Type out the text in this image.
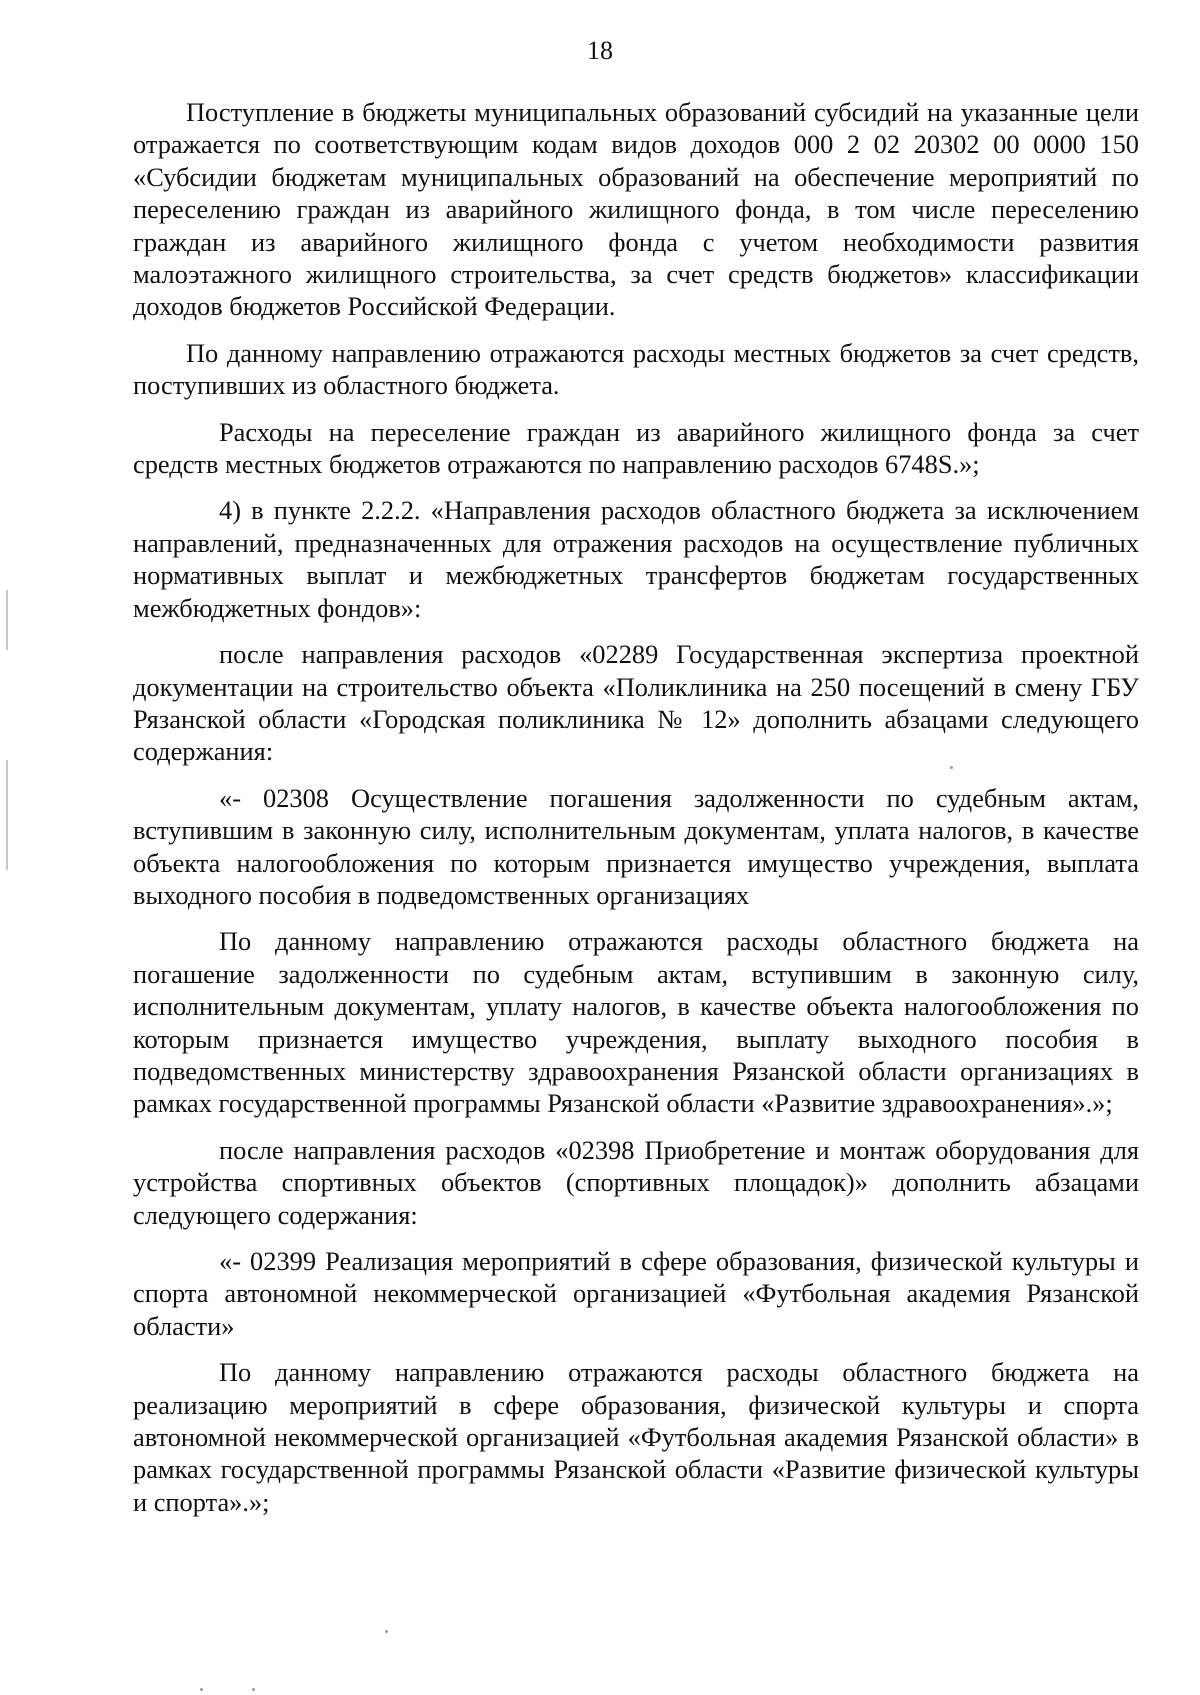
18

Поступление в бюджеты муниципальных образований субсидий на указанные цели отражается по соответствующим кодам видов доходов 000 2 02 20302 00 0000 150 «Субсидии бюджетам муниципальных образований на обеспечение мероприятий по переселению граждан из аварийного жилищного фонда, в том числе переселению граждан из аварийного жилищного фонда с учетом необходимости развития малоэтажного жилищного строительства, за счет средств бюджетов» классификации доходов бюджетов Российской Федерации.

По данному направлению отражаются расходы местных бюджетов за счет средств, поступивших из областного бюджета.

Расходы на переселение граждан из аварийного жилищного фонда за счет средств местных бюджетов отражаются по направлению расходов 6748S.»;

4) в пункте 2.2.2. «Направления расходов областного бюджета за исключением направлений, предназначенных для отражения расходов на осуществление публичных нормативных выплат и межбюджетных трансфертов бюджетам государственных межбюджетных фондов»:

после направления расходов «02289 Государственная экспертиза проектной документации на строительство объекта «Поликлиника на 250 посещений в смену ГБУ Рязанской области «Городская поликлиника № 12» дополнить абзацами следующего содержания:

«- 02308 Осуществление погашения задолженности по судебным актам, вступившим в законную силу, исполнительным документам, уплата налогов, в качестве объекта налогообложения по которым признается имущество учреждения, выплата выходного пособия в подведомственных организациях

По данному направлению отражаются расходы областного бюджета на погашение задолженности по судебным актам, вступившим в законную силу, исполнительным документам, уплату налогов, в качестве объекта налогообложения по которым признается имущество учреждения, выплату выходного пособия в подведомственных министерству здравоохранения Рязанской области организациях в рамках государственной программы Рязанской области «Развитие здравоохранения».»;

после направления расходов «02398 Приобретение и монтаж оборудования для устройства спортивных объектов (спортивных площадок)» дополнить абзацами следующего содержания:

«- 02399 Реализация мероприятий в сфере образования, физической культуры и спорта автономной некоммерческой организацией «Футбольная академия Рязанской области»

По данному направлению отражаются расходы областного бюджета на реализацию мероприятий в сфере образования, физической культуры и спорта автономной некоммерческой организацией «Футбольная академия Рязанской области» в рамках государственной программы Рязанской области «Развитие физической культуры и спорта».»;
